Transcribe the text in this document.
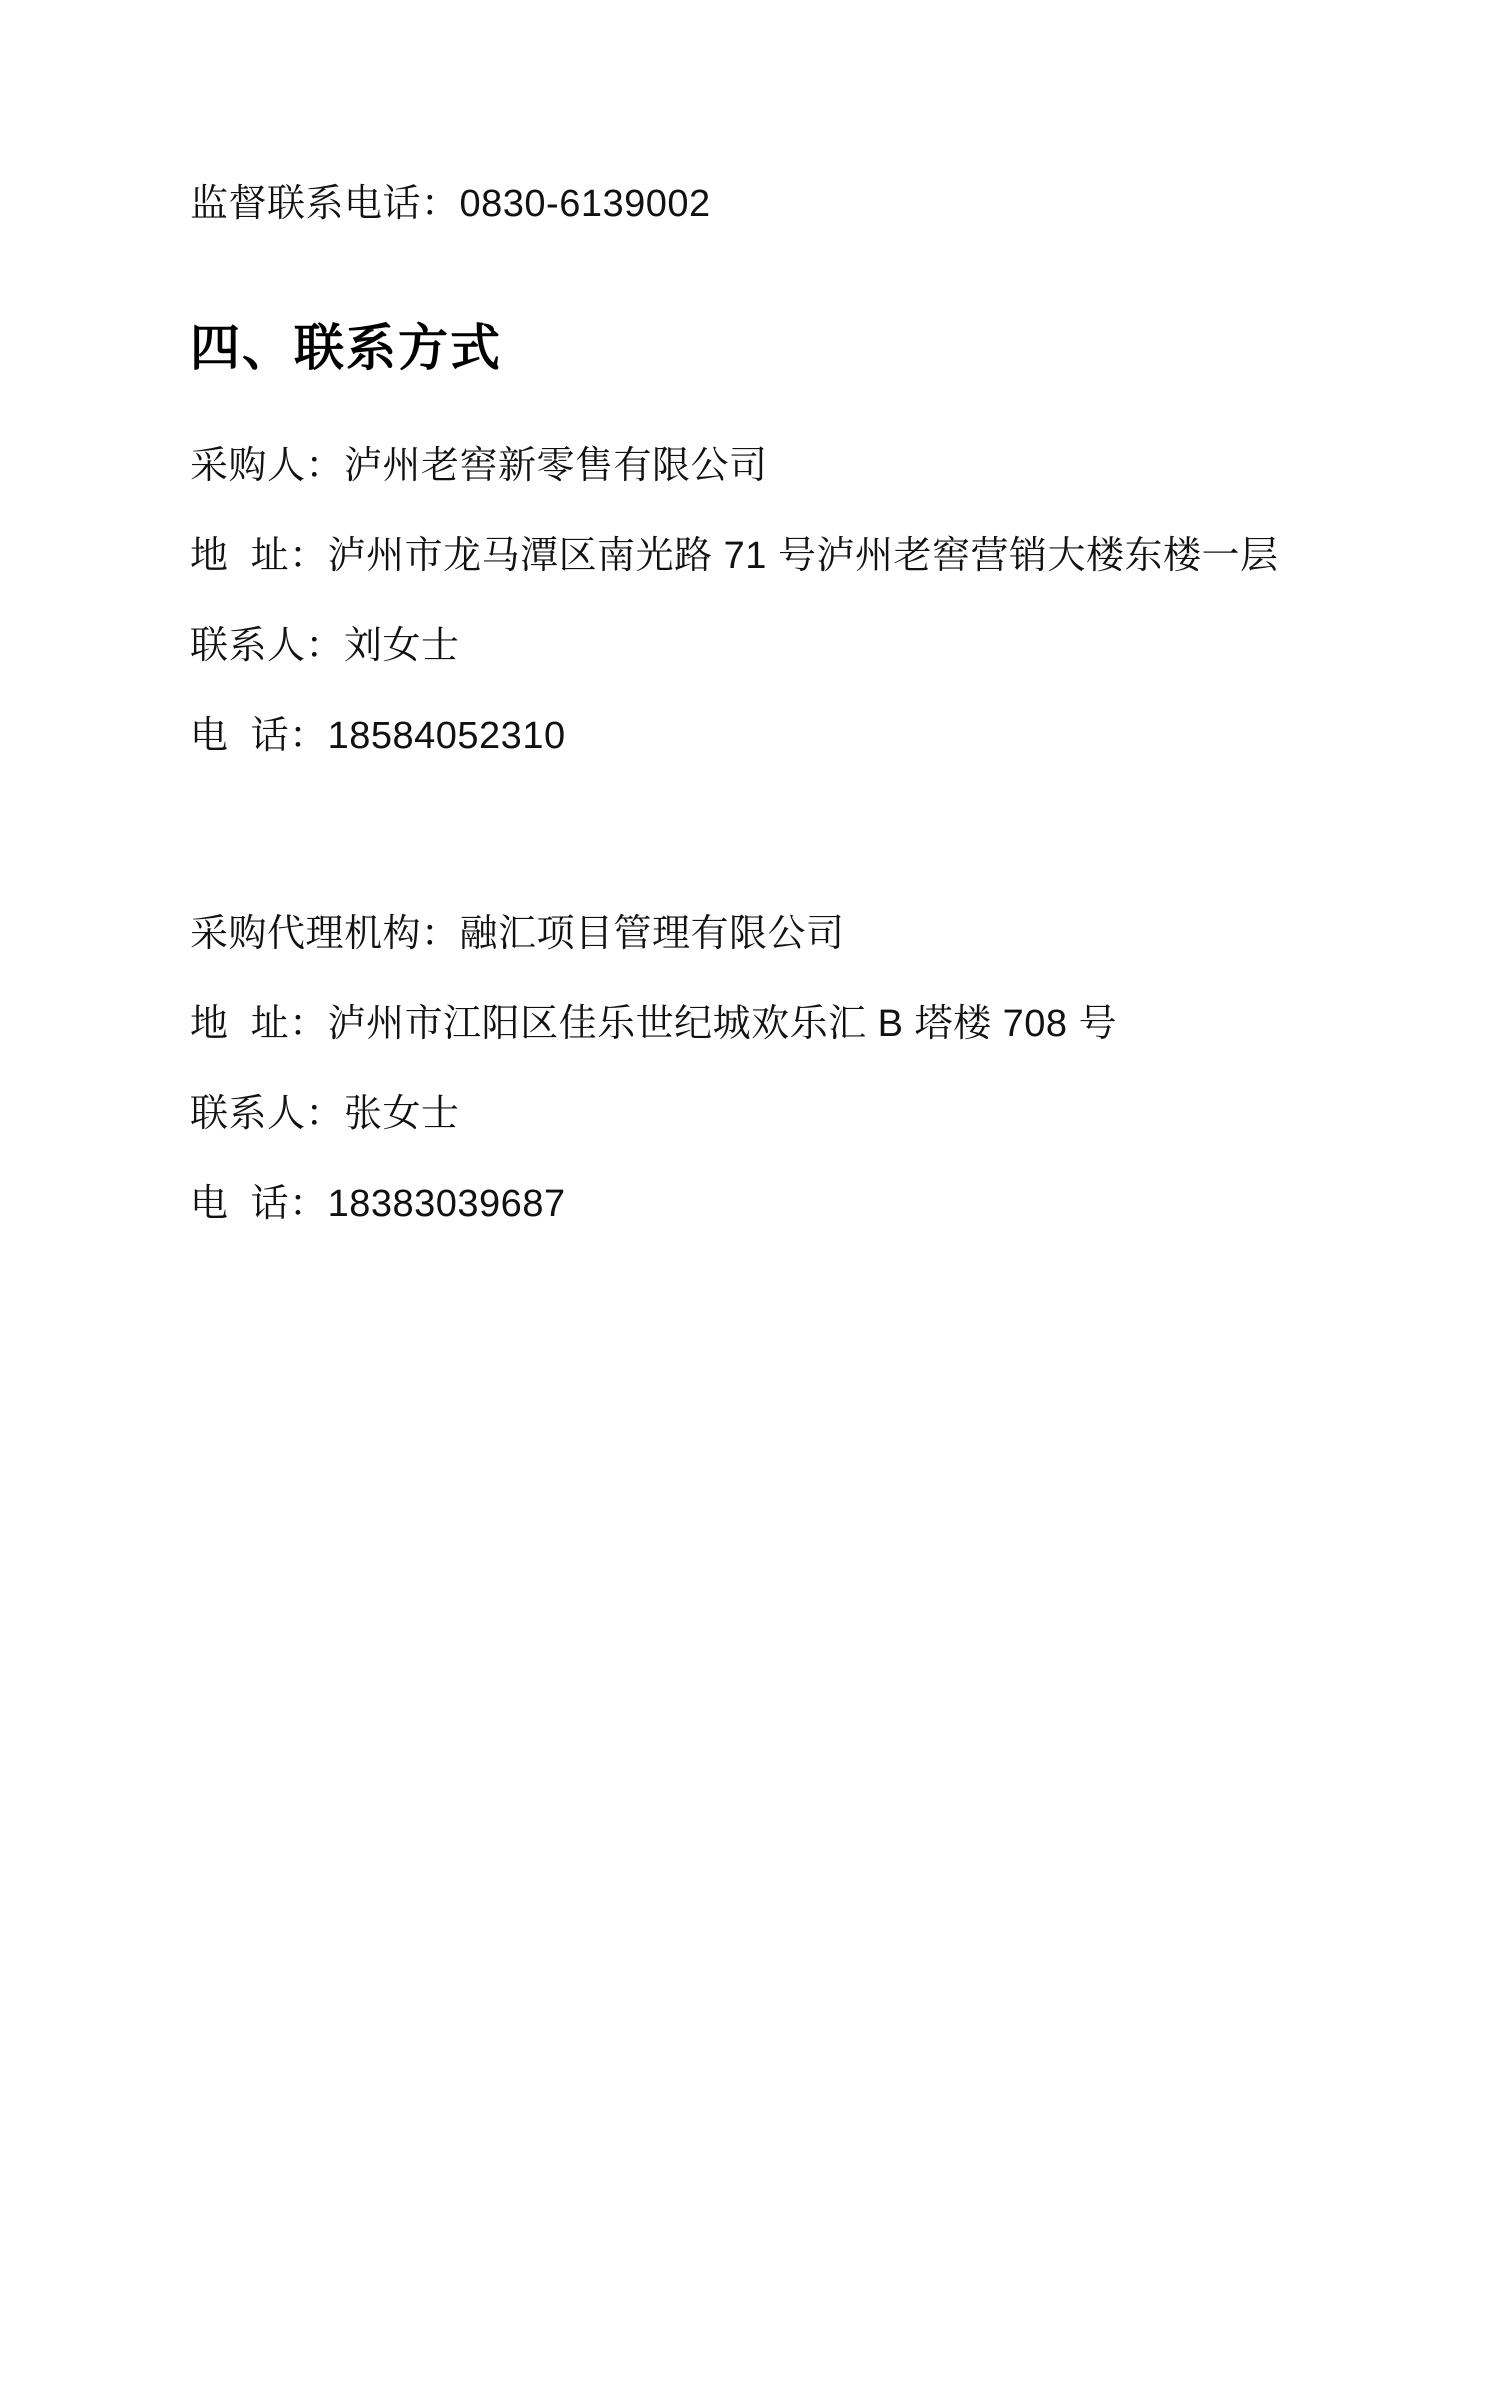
监督联系电话：0830-6139002
四、联系方式
采购人：泸州老窖新零售有限公司
地  址：泸州市龙马潭区南光路 71 号泸州老窖营销大楼东楼一层
联系人：刘女士
电  话：18584052310
采购代理机构：融汇项目管理有限公司
地  址：泸州市江阳区佳乐世纪城欢乐汇 B 塔楼 708 号
联系人：张女士
电  话：18383039687
